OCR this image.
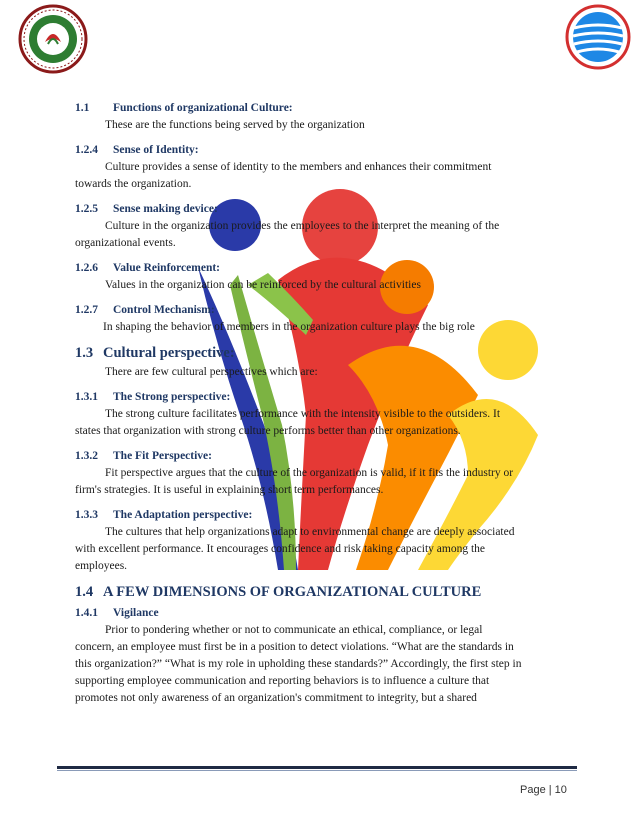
1.1 Functions of organizational Culture:

These are the functions being served by the organization

1.2.4 Sense of Identity:

Culture provides a sense of identity to the members and enhances their commitment

towards the organization.

1.2.5 Sense making device:

Culture in the organization provides the employees to the interpret the meaning of the

organizational events.

1.2.6 Value Reinforcement:

Values in the organization can be reinforced by the cultural activities

1.2.7 Control Mechanism:

In shaping the behavior of members in the organization culture plays the big role

1.3 Cultural perspective:

There are few cultural perspectives which are:

1.3.1 The Strong perspective:

The strong culture facilitates performance with the intensity visible to the outsiders. It

states that organization with strong culture performs better than other organizations.

1.3.2 The Fit Perspective:

Fit perspective argues that the culture of the organization is valid, if it fits the industry or

firm's strategies. It is useful in explaining short term performances.

1.3.3 The Adaptation perspective:

The cultures that help organizations adapt to environmental change are deeply associated

with excellent performance. It encourages confidence and risk taking capacity among the

employees.

1.4 A FEW DIMENSIONS OF ORGANIZATIONAL CULTURE
1.4.1 Vigilance

Prior to pondering whether or not to communicate an ethical, compliance, or legal

concern, an employee must first be in a position to detect violations. “What are the standards in

this organization?” “What is my role in upholding these standards?” Accordingly, the first step in

supporting employee communication and reporting behaviors is to influence a culture that

promotes not only awareness of an organization's commitment to integrity, but a shared

Page | 10
